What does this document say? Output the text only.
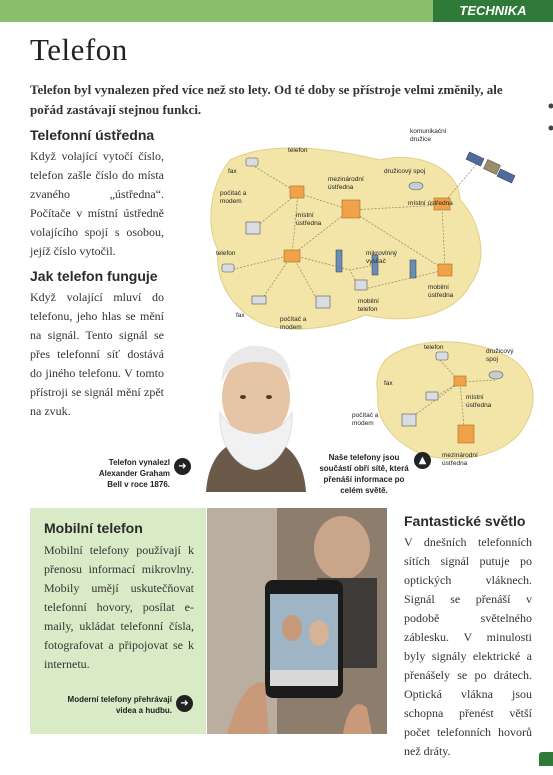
TECHNIKA
Telefon
Telefon byl vynalezen před více než sto lety. Od té doby se přístroje velmi změnily, ale pořád zastávají stejnou funkci.
Telefonní ústředna
Když volající vytočí číslo, telefon zašle číslo do místa zvaného „ústředna“. Počítače v místní ústředně volajícího spojí s osobou, jejíž číslo vytočil.
Jak telefon funguje
Když volající mluví do telefonu, jeho hlas se mění na signál. Tento signál se přes telefonní síť dostává do jiného telefonu. V tomto přístroji se signál mění zpět na zvuk.
komunikační družice
telefon
fax
počítač a modem
mezinárodní ústředna
družicový spoj
místní ústředna
místní ústředna
telefon	mikrovlnný vysílač
mobilní telefon
mobilní ústředna
fax
počítač a modem
telefon
družicový spoj
fax
místní ústředna
počítač a modem
mezinárodní ústředna
Telefon vynalezl Alexander Graham Bell v roce 1876.
➜
Naše telefony jsou součástí obří sítě, která přenáší informace po celém světě.
▲
Mobilní telefon
Mobilní telefony používají k přenosu informací mikrovlny. Mobily umějí uskutečňovat telefonní hovory, posílat e-maily, ukládat telefonní čísla, fotografovat a připojovat se k internetu.
Moderní telefony přehrávají videa a hudbu.
➜
Fantastické světlo
V dnešních telefonních sítích signál putuje po optických vláknech. Signál se přenáší v podobě světelného záblesku. V minulosti byly signály elektrické a přenášely se po drátech. Optická vlákna jsou schopna přenést větší počet telefonních hovorů než dráty.
